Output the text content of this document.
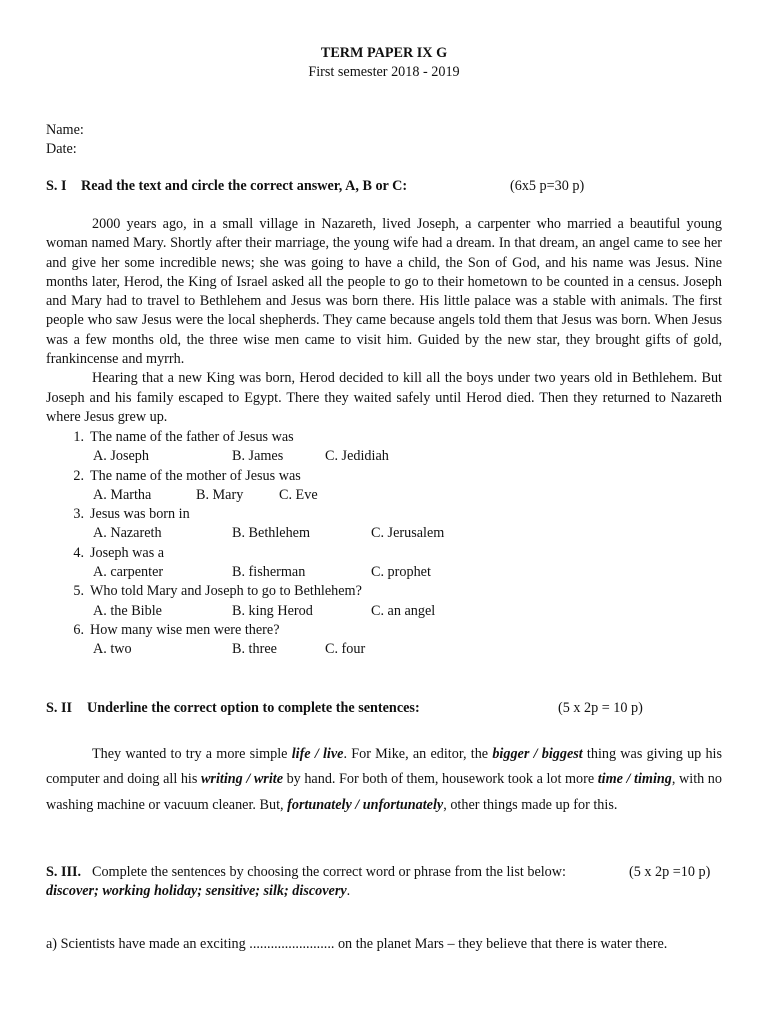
TERM PAPER IX G
First semester 2018 - 2019
Name:
Date:
S. I Read the text and circle the correct answer, A, B or C:	(6x5 p=30 p)
2000 years ago, in a small village in Nazareth, lived Joseph, a carpenter who married a beautiful young woman named Mary. Shortly after their marriage, the young wife had a dream. In that dream, an angel came to see her and give her some incredible news; she was going to have a child, the Son of God, and his name was Jesus. Nine months later, Herod, the King of Israel asked all the people to go to their hometown to be counted in a census. Joseph and Mary had to travel to Bethlehem and Jesus was born there. His little palace was a stable with animals. The first people who saw Jesus were the local shepherds. They came because angels told them that Jesus was born. When Jesus was a few months old, the three wise men came to visit him. Guided by the new star, they brought gifts of gold, frankincense and myrrh.
Hearing that a new King was born, Herod decided to kill all the boys under two years old in Bethlehem. But Joseph and his family escaped to Egypt. There they waited safely until Herod died. Then they returned to Nazareth where Jesus grew up.
1. The name of the father of Jesus was
A. Joseph	B. James	C. Jedidiah
2. The name of the mother of Jesus was
A. Martha	B. Mary	C. Eve
3. Jesus was born in
A. Nazareth	B. Bethlehem	C. Jerusalem
4. Joseph was a
A. carpenter	B. fisherman	C. prophet
5. Who told Mary and Joseph to go to Bethlehem?
A. the Bible	B. king Herod	C. an angel
6. How many wise men were there?
A. two	B. three	C. four
S. II Underline the correct option to complete the sentences:	(5 x 2p = 10 p)
They wanted to try a more simple life / live. For Mike, an editor, the bigger / biggest thing was giving up his computer and doing all his writing / write by hand. For both of them, housework took a lot more time / timing, with no washing machine or vacuum cleaner. But, fortunately / unfortunately, other things made up for this.
S. III. Complete the sentences by choosing the correct word or phrase from the list below:	(5 x 2p =10 p)
discover; working holiday; sensitive; silk; discovery.
a) Scientists have made an exciting ........................ on the planet Mars – they believe that there is water there.
